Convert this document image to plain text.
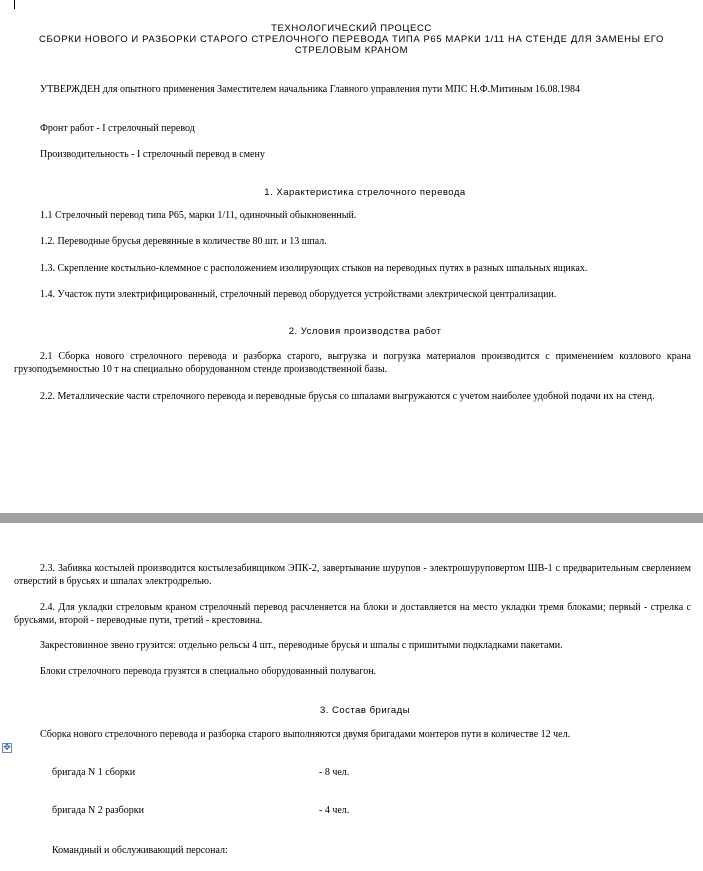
ТЕХНОЛОГИЧЕСКИЙ ПРОЦЕСС
СБОРКИ НОВОГО И РАЗБОРКИ СТАРОГО СТРЕЛОЧНОГО ПЕРЕВОДА ТИПА Р65 МАРКИ 1/11 НА СТЕНДЕ ДЛЯ ЗАМЕНЫ ЕГО
СТРЕЛОВЫМ КРАНОМ
УТВЕРЖДЕН для опытного применения Заместителем начальника Главного управления пути МПС Н.Ф.Митиным 16.08.1984
Фронт работ - I стрелочный перевод
Производительность - I стрелочный перевод в смену
1. Характеристика стрелочного перевода
1.1 Стрелочный перевод типа Р65, марки 1/11, одиночный обыкновенный.
1.2. Переводные брусья деревянные в количестве 80 шт. и 13 шпал.
1.3. Скрепление костыльно-клеммное с расположением изолирующих стыков на переводных путях в разных шпальных ящиках.
1.4. Участок пути электрифицированный, стрелочный перевод оборудуется устройствами электрической централизации.
2. Условия производства работ
2.1 Сборка нового стрелочного перевода и разборка старого, выгрузка и погрузка материалов производится с применением козлового крана грузоподъемностью 10 т на специально оборудованном стенде производственной базы.
2.2. Металлические части стрелочного перевода и переводные брусья со шпалами выгружаются с учетом наиболее удобной подачи их на стенд.
2.3. Забивка костылей производится костылезабивщиком ЭПК-2, завертывание шурупов - электрошуруповертом ШВ-1 с предварительным сверлением отверстий в брусьях и шпалах электродрелью.
2.4. Для укладки стреловым краном стрелочный перевод расчленяется на блоки и доставляется на место укладки тремя блоками; первый - стрелка с брусьями, второй - переводные пути, третий - крестовина.
Закрестовинное звено грузится: отдельно рельсы 4 шт., переводные брусья и шпалы с пришитыми подкладками пакетами.
Блоки стрелочного перевода грузятся в специально оборудованный полувагон.
3. Состав бригады
Сборка нового стрелочного перевода и разборка старого выполняются двумя бригадами монтеров пути в количестве 12 чел.
✥
бригада N 1 сборки	- 8 чел.
бригада N 2 разборки	- 4 чел.
Командный и обслуживающий персонал:
